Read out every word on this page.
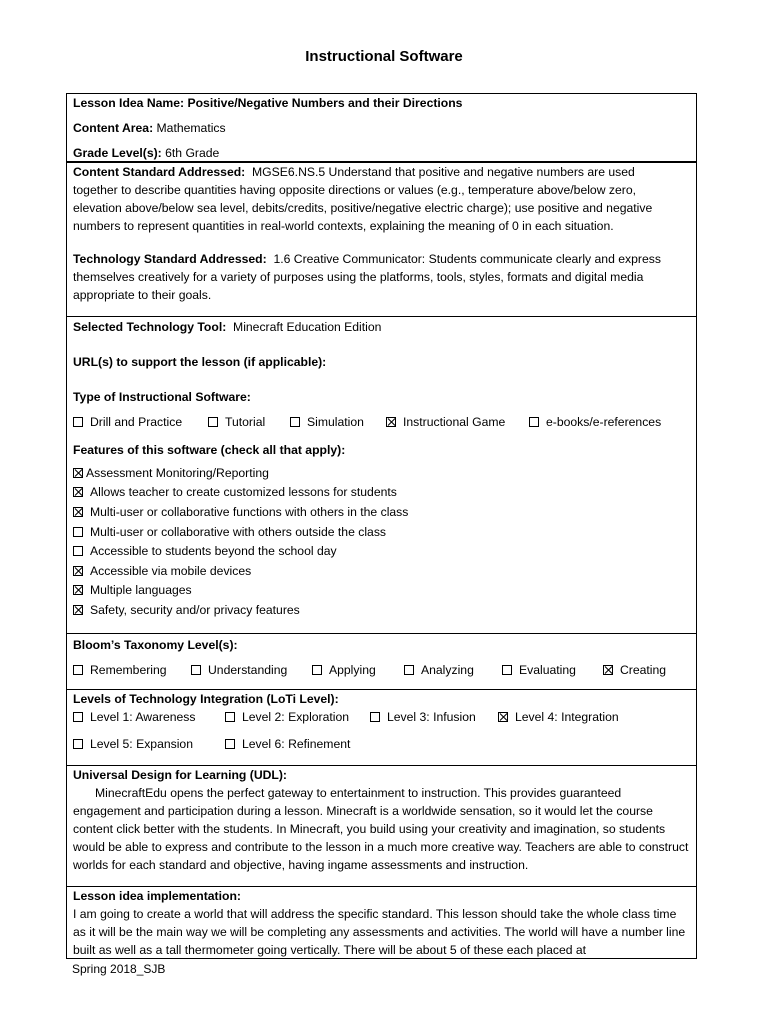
Instructional Software
Lesson Idea Name: Positive/Negative Numbers and their Directions
Content Area: Mathematics
Grade Level(s): 6th Grade
Content Standard Addressed: MGSE6.NS.5 Understand that positive and negative numbers are used
together to describe quantities having opposite directions or values (e.g., temperature above/below zero,
elevation above/below sea level, debits/credits, positive/negative electric charge); use positive and negative
numbers to represent quantities in real-world contexts, explaining the meaning of 0 in each situation.
Technology Standard Addressed: 1.6 Creative Communicator: Students communicate clearly and express
themselves creatively for a variety of purposes using the platforms, tools, styles, formats and digital media
appropriate to their goals.
Selected Technology Tool: Minecraft Education Edition
URL(s) to support the lesson (if applicable):
Type of Instructional Software:
Drill and Practice	Tutorial	Simulation	Instructional Game	e-books/e-references
Features of this software (check all that apply):
Assessment Monitoring/Reporting
Allows teacher to create customized lessons for students
Multi-user or collaborative functions with others in the class
Multi-user or collaborative with others outside the class
Accessible to students beyond the school day
Accessible via mobile devices
Multiple languages
Safety, security and/or privacy features
Bloom’s Taxonomy Level(s):
Remembering	Understanding	Applying	Analyzing	Evaluating	Creating
Levels of Technology Integration (LoTi Level):
Level 1: Awareness	Level 2: Exploration	Level 3: Infusion	Level 4: Integration
Level 5: Expansion	Level 6: Refinement
Universal Design for Learning (UDL):

MinecraftEdu opens the perfect gateway to entertainment to instruction. This provides guaranteed engagement and participation during a lesson. Minecraft is a worldwide sensation, so it would let the course content click better with the students. In Minecraft, you build using your creativity and imagination, so students would be able to express and contribute to the lesson in a much more creative way. Teachers are able to construct worlds for each standard and objective, having ingame assessments and instruction.

Lesson idea implementation:

I am going to create a world that will address the specific standard. This lesson should take the whole class time as it will be the main way we will be completing any assessments and activities. The world will have a number line built as well as a tall thermometer going vertically. There will be about 5 of these each placed at

Spring 2018_SJB
